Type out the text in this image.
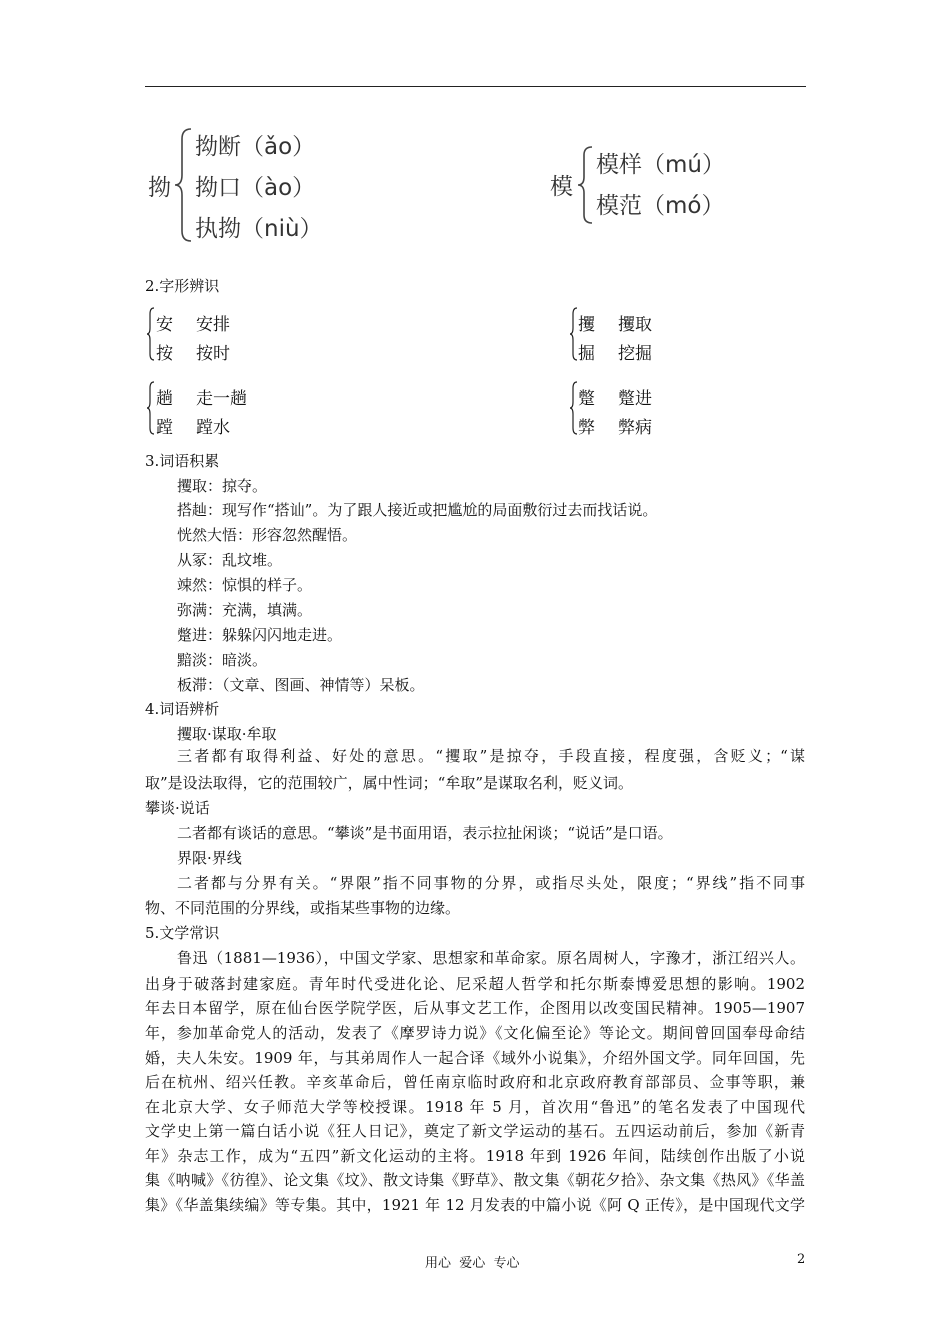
拗
拗断（ǎo）
拗口（ào）
执拗（niù）
模
模样（mú）
模范（mó）
2.字形辨识
安 安排
按 按时
攫 攫取
掘 挖掘
趟 走一趟
蹚 蹚水
蹩 蹩进
弊 弊病
3.词语积累
攫取：掠夺。
搭赸：现写作“搭讪”。为了跟人接近或把尴尬的局面敷衍过去而找话说。
恍然大悟：形容忽然醒悟。
从冢：乱坟堆。
竦然：惊惧的样子。
弥满：充满，填满。
蹩进：躲躲闪闪地走进。
黯淡：暗淡。
板滞：（文章、图画、神情等）呆板。
4.词语辨析
攫取·谋取·牟取
三者都有取得利益、好处的意思。“攫取”是掠夺，手段直接，程度强，含贬义；“谋
取”是设法取得，它的范围较广，属中性词；“牟取”是谋取名利，贬义词。
攀谈·说话
二者都有谈话的意思。“攀谈”是书面用语，表示拉扯闲谈；“说话”是口语。
界限·界线
二者都与分界有关。“界限”指不同事物的分界，或指尽头处，限度；“界线”指不同事
物、不同范围的分界线，或指某些事物的边缘。
5.文学常识
鲁迅（1881—1936），中国文学家、思想家和革命家。原名周树人，字豫才，浙江绍兴人。
出身于破落封建家庭。青年时代受进化论、尼采超人哲学和托尔斯泰博爱思想的影响。1902
年去日本留学，原在仙台医学院学医，后从事文艺工作，企图用以改变国民精神。1905—1907
年，参加革命党人的活动，发表了《摩罗诗力说》《文化偏至论》等论文。期间曾回国奉母命结
婚，夫人朱安。1909 年，与其弟周作人一起合译《域外小说集》，介绍外国文学。同年回国，先
后在杭州、绍兴任教。辛亥革命后，曾任南京临时政府和北京政府教育部部员、佥事等职，兼
在北京大学、女子师范大学等校授课。1918 年 5 月，首次用“鲁迅”的笔名发表了中国现代
文学史上第一篇白话小说《狂人日记》，奠定了新文学运动的基石。五四运动前后，参加《新青
年》杂志工作，成为“五四”新文化运动的主将。1918 年到 1926 年间，陆续创作出版了小说
集《呐喊》《彷徨》、论文集《坟》、散文诗集《野草》、散文集《朝花夕拾》、杂文集《热风》《华盖
集》《华盖集续编》等专集。其中，1921 年 12 月发表的中篇小说《阿 Q 正传》，是中国现代文学
用心  爱心  专心	2
